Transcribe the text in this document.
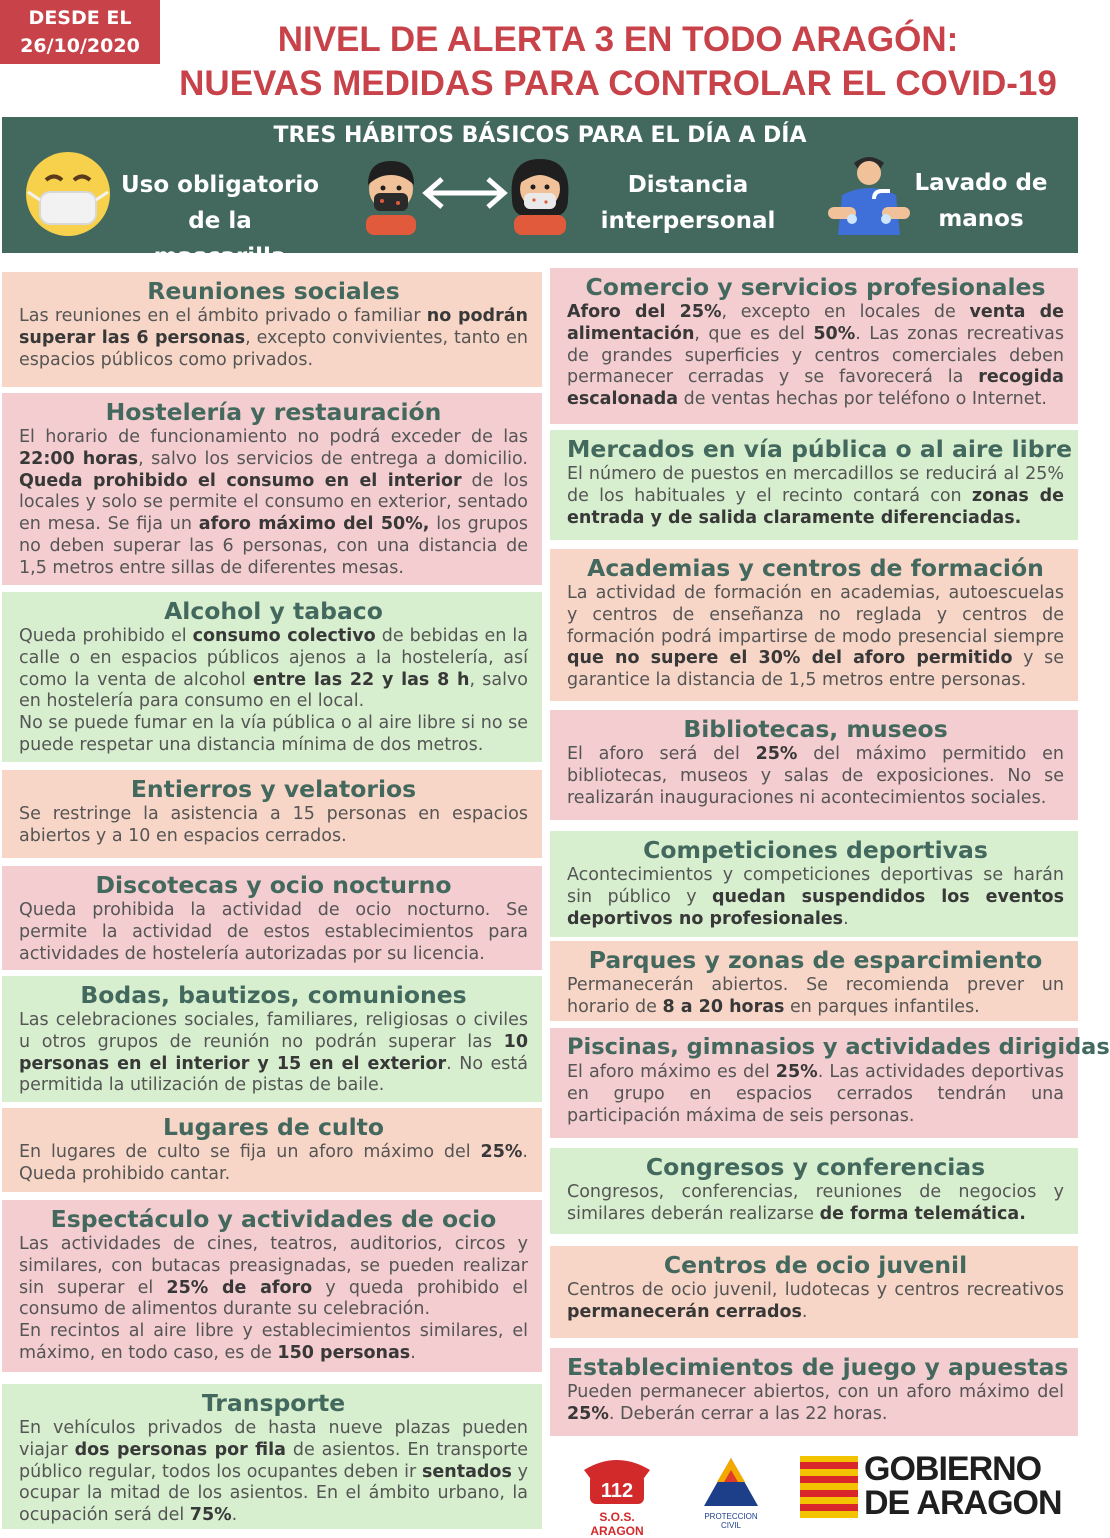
DESDE EL
26/10/2020	NIVEL DE ALERTA 3 EN TODO ARAGÓN:
NUEVAS MEDIDAS PARA CONTROLAR EL COVID-19
TRES HÁBITOS BÁSICOS PARA EL DÍA A DÍA
Uso obligatorio
de la mascarilla
Distancia
interpersonal
Lavado de
manos
Reuniones sociales

Las reuniones en el ámbito privado o familiar no podrán superar las 6 personas, excepto convivientes, tanto en espacios públicos como privados.

Hostelería y restauración

El horario de funcionamiento no podrá exceder de las 22:00 horas, salvo los servicios de entrega a domicilio. Queda prohibido el consumo en el interior de los locales y solo se permite el consumo en exterior, sentado en mesa. Se fija un aforo máximo del 50%, los grupos no deben superar las 6 personas, con una distancia de 1,5 metros entre sillas de diferentes mesas.

Alcohol y tabaco

Queda prohibido el consumo colectivo de bebidas en la calle o en espacios públicos ajenos a la hostelería, así como la venta de alcohol entre las 22 y las 8 h, salvo en hostelería para consumo en el local.
No se puede fumar en la vía pública o al aire libre si no se puede respetar una distancia mínima de dos metros.

Entierros y velatorios

Se restringe la asistencia a 15 personas en espacios abiertos y a 10 en espacios cerrados.

Discotecas y ocio nocturno

Queda prohibida la actividad de ocio nocturno. Se permite la actividad de estos establecimientos para actividades de hostelería autorizadas por su licencia.

Bodas, bautizos, comuniones

Las celebraciones sociales, familiares, religiosas o civiles u otros grupos de reunión no podrán superar las 10 personas en el interior y 15 en el exterior. No está permitida la utilización de pistas de baile.

Lugares de culto

En lugares de culto se fija un aforo máximo del 25%. Queda prohibido cantar.

Espectáculo y actividades de ocio

Las actividades de cines, teatros, auditorios, circos y similares, con butacas preasignadas, se pueden realizar sin superar el 25% de aforo y queda prohibido el consumo de alimentos durante su celebración.
En recintos al aire libre y establecimientos similares, el máximo, en todo caso, es de 150 personas.

Transporte

En vehículos privados de hasta nueve plazas pueden viajar dos personas por fila de asientos. En transporte público regular, todos los ocupantes deben ir sentados y ocupar la mitad de los asientos. En el ámbito urbano, la ocupación será del 75%.

Comercio y servicios profesionales

Aforo del 25%, excepto en locales de venta de alimentación, que es del 50%. Las zonas recreativas de grandes superficies y centros comerciales deben permanecer cerradas y se favorecerá la recogida escalonada de ventas hechas por teléfono o Internet.

Mercados en vía pública o al aire libre

El número de puestos en mercadillos se reducirá al 25% de los habituales y el recinto contará con zonas de entrada y de salida claramente diferenciadas.

Academias y centros de formación

La actividad de formación en academias, autoescuelas y centros de enseñanza no reglada y centros de formación podrá impartirse de modo presencial siempre que no supere el 30% del aforo permitido y se garantice la distancia de 1,5 metros entre personas.

Bibliotecas, museos

El aforo será del 25% del máximo permitido en bibliotecas, museos y salas de exposiciones. No se realizarán inauguraciones ni acontecimientos sociales.

Competiciones deportivas

Acontecimientos y competiciones deportivas se harán sin público y quedan suspendidos los eventos deportivos no profesionales.

Parques y zonas de esparcimiento

Permanecerán abiertos. Se recomienda prever un horario de 8 a 20 horas en parques infantiles.

Piscinas, gimnasios y actividades dirigidas

El aforo máximo es del 25%. Las actividades deportivas en grupo en espacios cerrados tendrán una participación máxima de seis personas.

Congresos y conferencias

Congresos, conferencias, reuniones de negocios y similares deberán realizarse de forma telemática.

Centros de ocio juvenil

Centros de ocio juvenil, ludotecas y centros recreativos permanecerán cerrados.

Establecimientos de juego y apuestas

Pueden permanecer abiertos, con un aforo máximo del 25%. Deberán cerrar a las 22 horas.

112
S.O.S. ARAGON
PROTECCION CIVIL
GOBIERNO
DE ARAGON
